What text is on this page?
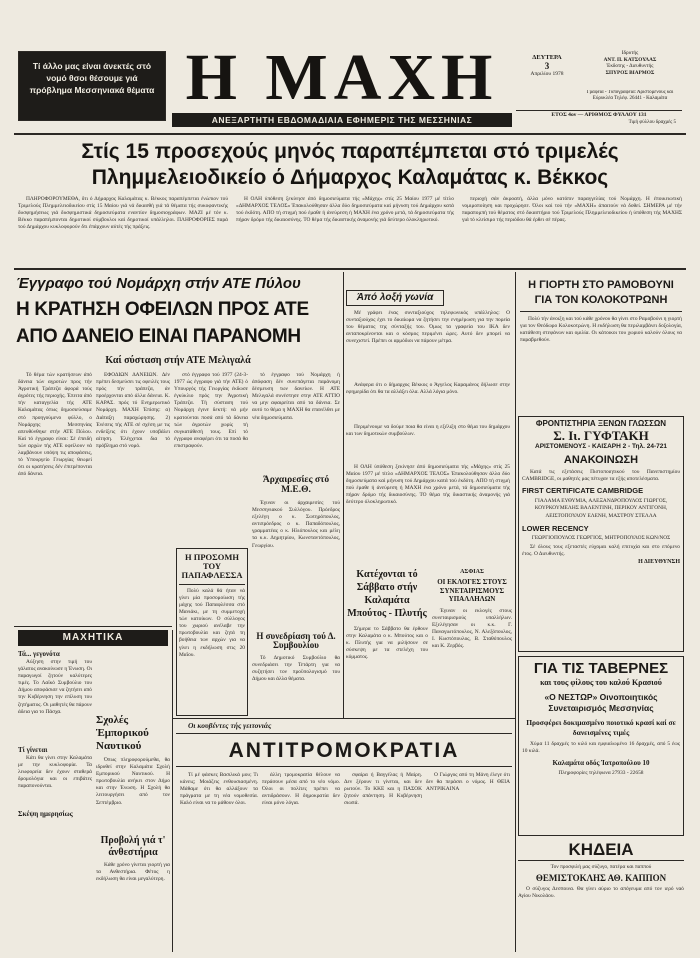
Τί άλλο μας είναι άνεκτές στό νομό θσοι θέσουμε γιά πρόβλημα Μεσσηνιακά θέματα Η ΜΑΧΗ
ΑΝΕΞΑΡΤΗΤΗ ΕΒΔΟΜΑΔΙΑΙΑ ΕΦΗΜΕΡΙΣ ΤΗΣ ΜΕΣΣΗΝΙΑΣ
ΔΕΥΤΕΡΑ
3
Απριλίου 1978
Ιδρυτής
ΑΝΤ. Π. ΚΑΤΣΟΥΛΑΣ
Έκδοτης - Διευθυντής
ΣΠΥΡΟΣ ΒΙΑΡΜΟΣ
Γραφεία - Τυπογραφεία: Άριστομένους καί Εύρυκλέα Τηλέφ. 26441 - Καλαμάτα
ΕΤΟΣ 4ον — ΑΡΙΘΜΟΣ ΦΥΛΛΟΥ 131
Τιμή φύλλου δραχμές 5
Στίς 15 προσεχούς μηνός παραπέμπεται στό τριμελές
Πλημμελειοδικείο ό Δήμαρχος Καλαμάτας κ. Βέκκος

ΠΛΗΡΟΦΟΡΟΥΜΕΘΑ, δτι ό Δήμαρχος Καλαμάτας κ. Βέκκος παραπέμπεται ένώπιον τού Τριμελούς Πλημμελειοδικείου στίς 15 Μαίου γιά νά δικασθή γιά τά θέματα τής συκοφαντικής δυσφημήσεως γιά δυσφημιστικά δημοσιεύματα εναντίον δημοσιογράφων. ΜΑΖΙ μέ τόν κ. Βέκκο παραπέμπονται δημοτικοί σύμβουλοι καί δημοτικοί υπάλληλοι. ΠΛΗΡΟΦΟΡΙΕΣ παρά τού Δημάρχου κυκλοφορούν δτι έπάρχουν αύτές τής πράξεις.

Η ΟΛΗ ύπόθεση ξεκίνησε άπό δημοσιεύματα τής «Μάχης» στίς 25 Μαίου 1977 μέ τίτλο «ΔΗΜΑΡΧΟΣ ΤΕΛΟΣ» Έπακολούθησαν άλλα δύο δημοσιεύματα καί μήνυση τού Δημάρχου κατά τού έκδότη. ΑΠΟ τή στιγμή πού έμαθε ή άνεύρεση ή ΜΑΧΗ ένα χρόνο μετά, τά δημοσιεύματα τής πήραν δρόμο τής δικαιοσύνης. ΤΟ θέμα τής δικαστικής άναμονής γιά δεύτερο όλοκληρωτικό.

περιοχή σάν άκροατή, άλλα μόνο κατόπιν παραγγελίας τού Νομάρχη. Η έποικειωτική νομιμοποίηση και προχώρησε. Όλοι καί τού τήν «ΜΑΧΗ» άπαιτούν νά δοθεί. ΣΗΜΕΡΑ μέ τήν παραπομπή τού θέματος στό δικαστήριο τού Τριμελούς Πλημμελειοδικείου ή ύπόθεση τής ΜΑΧΗΣ γιά τό κλείσιμο τής περιόδου θά έρθει σέ πέρας.

Έγγραφο τού Νομάρχη στήν ΑΤΕ Πύλου
Η ΚΡΑΤΗΣΗ ΟΦΕΙΛΩΝ ΠΡΟΣ ΑΤΕ
ΑΠΟ ΔΑΝΕΙΟ ΕΙΝΑΙ ΠΑΡΑΝΟΜΗ
Καί σύσταση στήν ΑΤΕ Μελιγαλά

Τό θέμα τών κρατήσεων άπό δάνεια τών αγροτών προς τήν Άγροτική Τράπεζα άφορά τούς άγρότες τής περιοχής. Έπειτα άπό τήν καταγγελία τής ΑΤΕ Καλαμάτας όπως δημοσιεύσαμε στό προηγούμενο φύλλο, ο Νομάρχης Μεσσηνίας απευθύνθηκε στήν ΑΤΕ Πύλου. Καί τό έγγραφο είναι: Σέ έπειδή τών αρχών τής ΑΤΕ οφείλουν νά λαμβάνουν υπόψη τις αποφάσεις, τό Υπουργείο Γεωργίας θεωρεί ότι οι κρατήσεις δέν έπιτρέπονται άπό δάνεια.

ΕΦΟΔΙΩΝ ΔΑΝΕΙΩΝ. Δέν πρέπει δεσμεύσει τις οφειλές τους πρός τήν τράπεζα, άν προέρχονται από άλλα δάνεια. Κ. ΚΑΡΑΣ. πρός τό Ενημερωτικό Νομάρχη. ΜΑΧΗ Έπίσης: α) Διάταξη παραχώρησης. 2) Ένέσεις τής ΑΤΕ σέ σχέση με τις ενδείξεις ότι έχουν υποβάλει αίτηση. Έλέγχεται δια τό πρόβλημα στό νομό.

στό έγγραφο τού 1977 (24-3-1977 ώς έγγραφο γιά τήν ΑΤΕ) ό Υπουργός τής Γεωργίας έκδωσε έγκύκλιο πρός την Άγροτική Τράπεζα. Τή σύσταση τού Νομάρχη έγινε δεκτή: νά μήν κρατούνται ποσά από τά δάνεια τών άγροτών χωρίς τή συγκατάθεσή τους. Επί τό έγγραφο αναφέρει ότι τα ποσά θα επιστραφούν.

τό έγγραφο τού Νομάρχη ή άπόφαση δέν συνεπάγεται παράνομη δέσμευση των δανείων. Η ΑΤΕ Μελιγαλά συνέστησε στην ΑΤΕ ΑΤΤΙΟ να μην αφαιρείται από τα δάνεια. Σε αυτό το θέμα η ΜΑΧΗ θα επανέλθει με νέα δημοσιεύματα.

Άρχαιρεσίες στό Μ.Ε.Θ.

Έγιναν οι άρχαιρεσίες τού Μεσσηνιακού Συλλόγου. Πρόεδρος εξελέγη ο κ. Σωτηρόπουλος, αντιπρόεδρος ο κ. Παπαδόπουλος, γραμματέας ο κ. Ηλιόπουλος και μέλη τα κ.κ. Δημητρίου, Κωνσταντόπουλος, Γεωργίου.

Η ΠΡΟΣΟΜΗ ΤΟΥ ΠΑΠΑΦΛΕΣΣΑ

Πολύ καλά θά ήταν νά γίνει μία προσομοίωση τής μάχης τού Παπαφλέσσα στό Μανιάκι, με τη συμμετοχή τών κατοίκων. Ο σύλλογος του χωριού ανέλαβε την πρωτοβουλία και ζητά τη βοήθεια των αρχών για να γίνει η εκδήλωση στις 20 Μαΐου.

Η συνεδρίαση τού Δ. Συμβουλίου

Τό Δημοτικό Συμβούλιο θα συνεδριάσει την Τετάρτη για να συζητήσει τον προϋπολογισμό του Δήμου και άλλα θέματα.

ΜΑΧΗΤΙΚΑ
Τά... γεγονότα

Αύξηση στην τιμή του γάλατος ανακοίνωσε η Ένωση. Οι παραγωγοί ζητούν καλύτερες τιμές. Το Λαϊκό Συμβούλιο του Δήμου αποφάσισε να ζητήσει από την Κυβέρνηση την επίλυση του ζητήματος. Οι μαθητές θα πάρουν άδεια για το Πάσχα.

Τί γίνεται

Κάτι θα γίνει στην Καλαμάτα με την κυκλοφορία. Τα λεωφορεία δεν έχουν σταθερά δρομολόγια και οι επιβάτες παραπονούνται.

Σκέψη ημερησίως
Σχολές Έμπορικού Ναυτικού

Όπως πληροφορούμεθα, θα ιδρυθεί στην Καλαμάτα Σχολή Εμπορικού Ναυτικού. Η πρωτοβουλία ανήκει στον Δήμο και στην Ένωση. Η Σχολή θα λειτουργήσει από τον Σεπτέμβριο.

Προβολή γιά τ' άνθεστήρια

Κάθε χρόνο γίνεται γιορτή για τα Ανθεστήρια. Φέτος η εκδήλωση θα είναι μεγαλύτερη.

Άπό λοξή γωνία

Μέ γράφει ένας συνταξιούχος τηλεφωνικός υπάλληλος: Ο συνταξιούχος έχει το δικαίωμα να ζητήσει την ενημέρωση για την πορεία του θέματος της σύνταξής του. Όμως τα γραφεία του ΙΚΑ δεν ανταποκρίνονται και ο κόσμος περιμένει ώρες. Αυτό δεν μπορεί να συνεχιστεί. Πρέπει οι αρμόδιοι να πάρουν μέτρα.

Ανάφερα ότι ο δήμαρχος Βέκκος ο Άγγελος Καραμάνος δήλωσε στην εφημερίδα ότι θα τα αλλάξει όλα. Αλλά λόγια μόνο.

Περιμένουμε να δούμε ποια θα είναι η εξέλιξη στο θέμα του δημάρχου και των δημοτικών συμβούλων.

Η ΟΛΗ ύπόθεση ξεκίνησε άπό δημοσιεύματα τής «Μάχης» στίς 25 Μαίου 1977 μέ τίτλο «ΔΗΜΑΡΧΟΣ ΤΕΛΟΣ» Έπακολούθησαν άλλα δύο δημοσιεύματα καί μήνυση τού Δημάρχου κατά τού έκδότη. ΑΠΟ τή στιγμή πού έμαθε ή άνεύρεση ή ΜΑΧΗ ένα χρόνο μετά, τά δημοσιεύματα τής πήραν δρόμο τής δικαιοσύνης. ΤΟ θέμα τής δικαστικής άναμονής γιά δεύτερο όλοκληρωτικό.

Κατέχονται τό Σάββατο στήν Καλαμάτα Μπούτος - Πλυτής

Σήμερα το Σάββατο θα έρθουν στην Καλαμάτα ο κ. Μπούτος και ο κ. Πλυτής για να μιλήσουν σε σύσκεψη με τα στελέχη του κόμματος.

ΑΣΦΙΑΣ
ΟΙ ΕΚΛΟΓΕΣ ΣΤΟΥΣ ΣΥΝΕΤΑΙΡΙΣΜΟΥΣ ΥΠΑΛΛΗΛΩΝ

Έγιναν οι εκλογές στους συνεταιρισμούς υπαλλήλων. Εξελέγησαν οι κ.κ. Γ. Παναγιωτόπουλος, Ν. Αλεξόπουλος, Ι. Κωστόπουλος, Β. Σταθόπουλος και Κ. Ζερβός.

Η ΓΙΟΡΤΗ ΣΤΟ ΡΑΜΟΒΟΥΝΙ ΓΙΑ ΤΟΝ ΚΟΛΟΚΟΤΡΩΝΗ

Πολύ τήν άνοιξη και τού κάθε χρόνου θα γίνει στο Ραμοβούνι η γιορτή για τον Θεόδωρο Κολοκοτρώνη. Η εκδήλωση θα περιλαμβάνει δοξολογία, κατάθεση στεφάνων και ομιλία. Οι κάτοικοι του χωριού καλούν όλους να παραβρεθούν.

ΦΡΟΝΤΙΣΤΗΡΙΑ ΞΕΝΩΝ ΓΛΩΣΣΩΝ
Σ. Ιι. ΓΥΦΤΑΚΗ
ΑΡΙΣΤΟΜΕΝΟΥΣ - ΚΑΙΣΑΡΗ 2 - Τηλ. 24-721
ΑΝΑΚΟΙΝΩΣΗ

Κατά τις εξετάσεις Πιστοποιητικού του Πανεπιστημίου CAMBRIDGE, οι μαθητές μας πέτυχαν τα εξής αποτελέσματα.

FIRST CERTIFICATE CAMBRIDGE
ΓΙΑΛΑΜΑ ΕΥΘΥΜΙΑ, ΑΛΕΞΑΝΔΡΟΠΟΥΛΟΣ ΓΙΩΡΓΟΣ, ΚΟΥΡΚΟΥΜΕΛΗΣ ΒΑΛΕΝΤΙΝΗ, ΠΕΡΙΚΟΥ ΑΝΤΙΓΟΝΗ, ΛΕΙΣΤΟΠΟΥΛΟΥ ΕΛΕΝΗ, ΜΑΣΤΡΟΥ ΣΤΕΛΛΑ
LOWER RECENCY
ΓΕΩΡΓΙΟΠΟΥΛΟΣ ΓΕΩΡΓΙΟΣ, ΜΗΤΡΟΠΟΥΛΟΣ ΚΩΝ/ΝΟΣ

Σέ όλους τους εξεταστές εύχομαι καλή επιτυχία και στο επόμενο έτος. Ο Διευθυντής.

Η ΔΙΕΥΘΥΝΣΗ
ΓΙΑ ΤΙΣ ΤΑΒΕΡΝΕΣ
και τους φίλους του καλού Κρασιού
«Ο ΝΕΣΤΩΡ» Οινοποιητικός Συνεταιρισμός Μεσσηνίας
Προσφέρει δοκιμασμένο ποιοτικό κρασί καί σε δανεισμένες τιμές

Χύμα 11 δραχμές το κιλό και εμφιαλωμένο 16 δραχμές, από 5 έως 10 κιλά.

Καλαμάτα οδός Ίατροπούλου 10
Πληροφορίες τηλέφωνα 27933 - 22658
ΚΗΔΕΙΑ
Τον προσφιλή μας σύζυγο, πατέρα και παππού
ΘΕΜΙΣΤΟΚΛΗΣ ΑΘ. ΚΑΠΠΟΝ

Ο σύζυγος Δεσποινα. Θα γίνει αύριο το απόγευμα από τον ιερό ναό Αγίου Νικολάου.

Οι κουβέντες τής γειτονιάς
ΑΝΤΙΤΡΟΜΟΚΡΑΤΙΑ

Τί μέ φάσκες Βασιλικά μου; Τι κάνεις; Μοιάζεις ενθουσιασμένη. Μάθαμε ότι θα αλλάξουν τα πράγματα με τη νέα νομοθεσία. Καλό είναι να το μάθουν όλοι.

άλλη τρομοκρατία θέλουν να περάσουν μέσα από το νέο νόμο. Όλοι οι πολίτες πρέπει να αντιδράσουν. Η δημοκρατία δεν είναι μόνο λόγια.

σφαίρα ή Βαγγέλας ή Μαίρη. Δεν ξέρουν τι γίνεται, και δεν ρωτούν. Το ΚΚΕ και η ΠΑΣΟΚ ζητούν απάντηση. Η Κυβέρνηση σιωπά.

Ο Γιώργος από τη Μάνη έλεγε ότι δεν θα περάσει ο νόμος. Η ΘΕΙΑ ΑΝΤΡΙΚΑΙΝΑ
